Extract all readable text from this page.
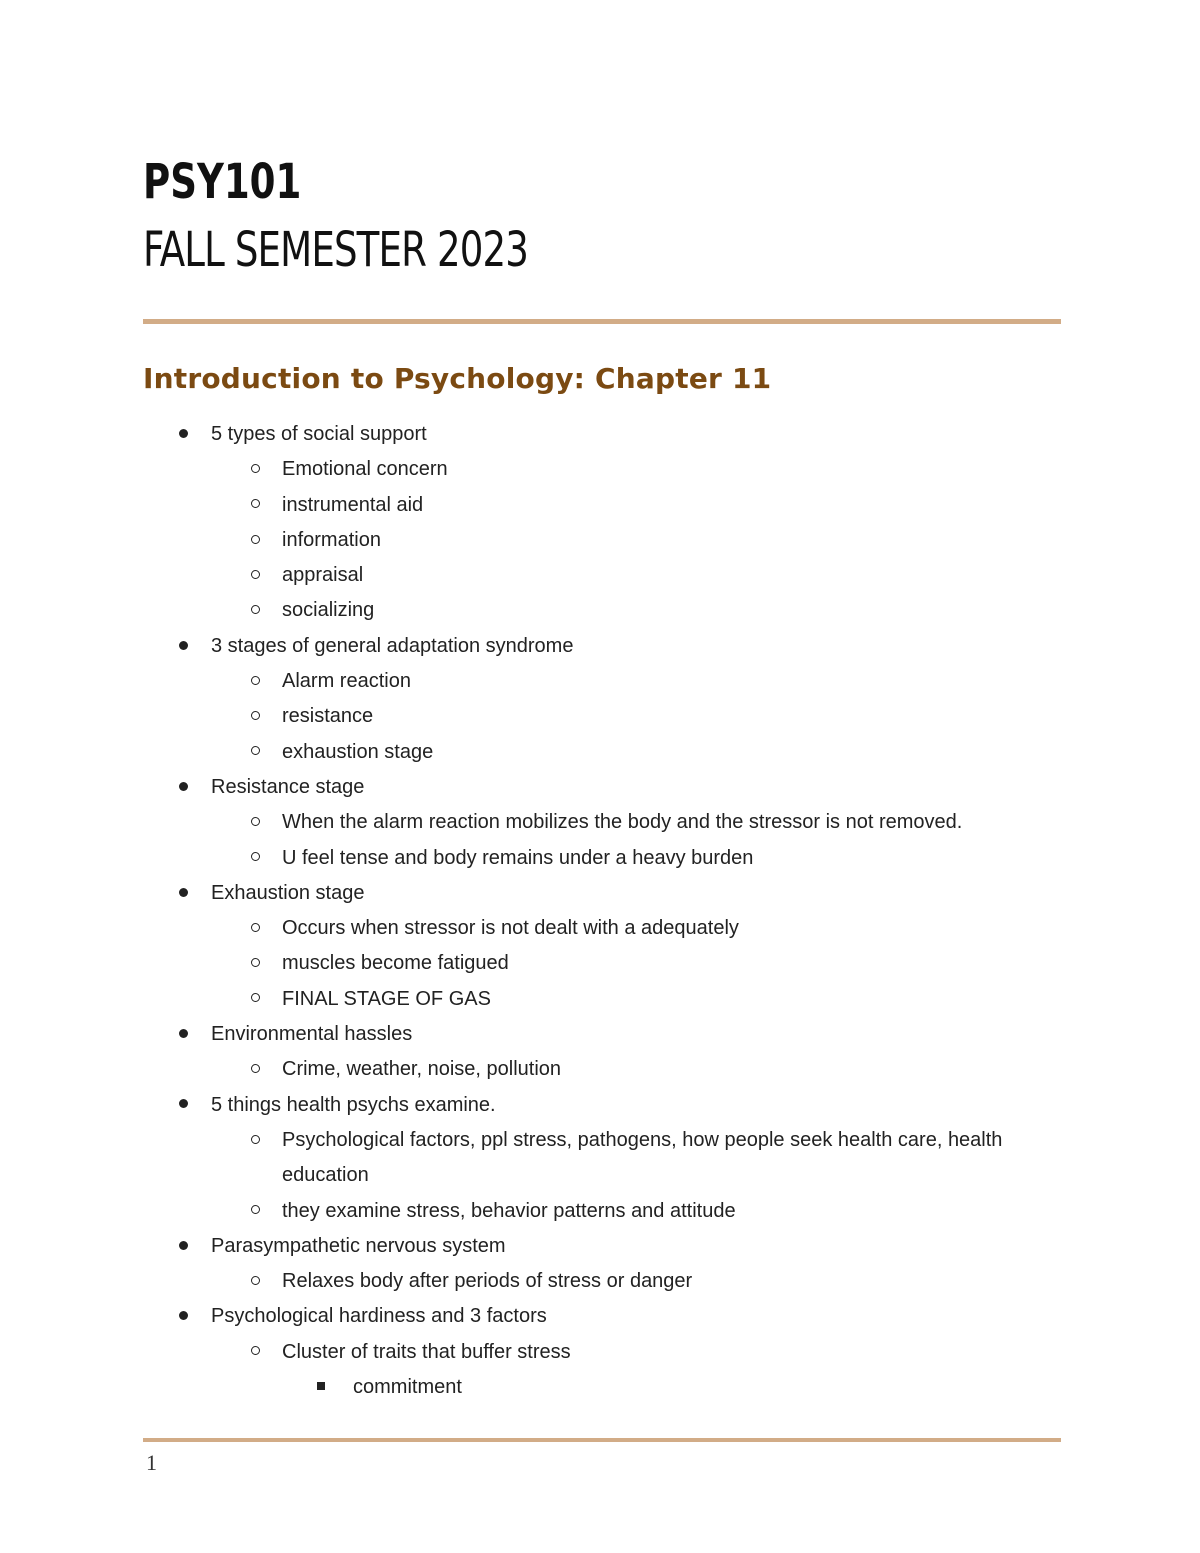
PSY101
FALL SEMESTER 2023
Introduction to Psychology: Chapter 11
5 types of social support
Emotional concern
instrumental aid
information
appraisal
socializing
3 stages of general adaptation syndrome
Alarm reaction
resistance
exhaustion stage
Resistance stage
When the alarm reaction mobilizes the body and the stressor is not removed.
U feel tense and body remains under a heavy burden
Exhaustion stage
Occurs when stressor is not dealt with a adequately
muscles become fatigued
FINAL STAGE OF GAS
Environmental hassles
Crime, weather, noise, pollution
5 things health psychs examine.
Psychological factors, ppl stress, pathogens, how people seek health care, health education
they examine stress, behavior patterns and attitude
Parasympathetic nervous system
Relaxes body after periods of stress or danger
Psychological hardiness and 3 factors
Cluster of traits that buffer stress
commitment
1
